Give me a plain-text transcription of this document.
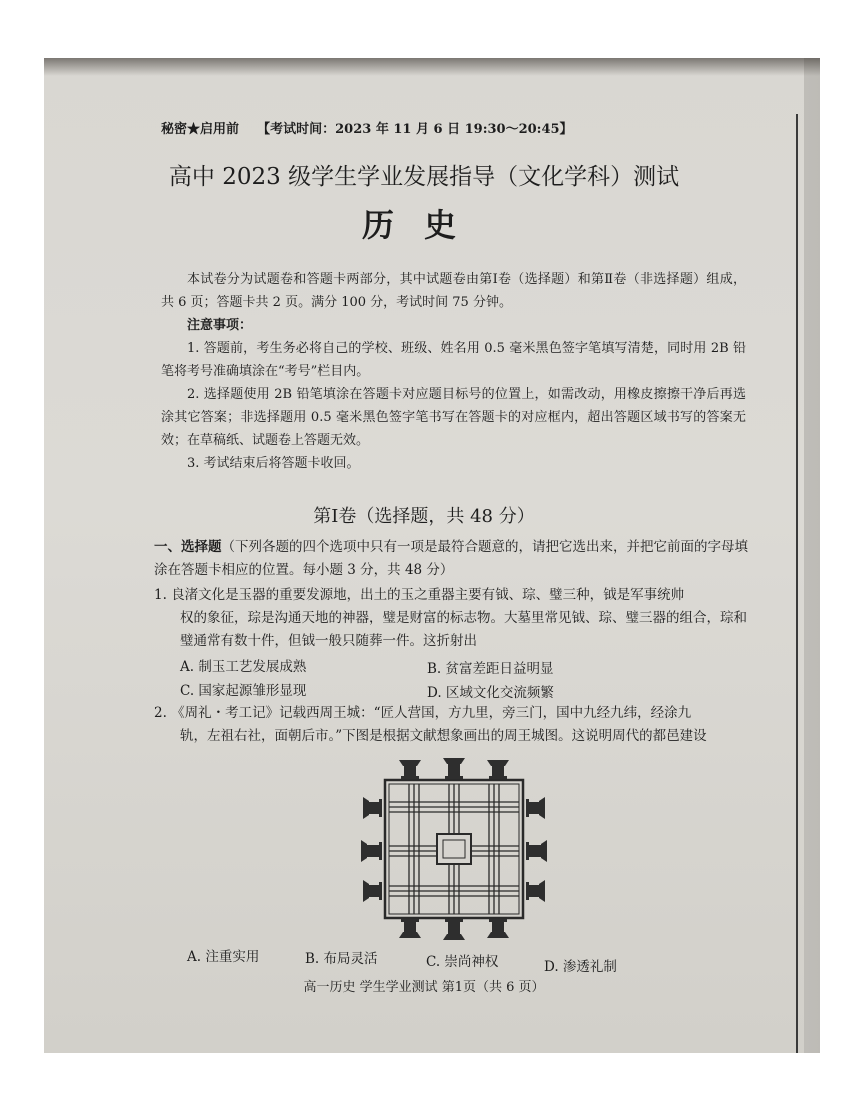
秘密★启用前 【考试时间：2023 年 11 月 6 日 19:30～20:45】
高中 2023 级学生学业发展指导（文化学科）测试
历史
本试卷分为试题卷和答题卡两部分，其中试题卷由第Ⅰ卷（选择题）和第Ⅱ卷（非选择题）组成，共 6 页；答题卡共 2 页。满分 100 分，考试时间 75 分钟。
注意事项：
1. 答题前，考生务必将自己的学校、班级、姓名用 0.5 毫米黑色签字笔填写清楚，同时用 2B 铅笔将考号准确填涂在“考号”栏目内。
2. 选择题使用 2B 铅笔填涂在答题卡对应题目标号的位置上，如需改动，用橡皮擦擦干净后再选涂其它答案；非选择题用 0.5 毫米黑色签字笔书写在答题卡的对应框内，超出答题区域书写的答案无效；在草稿纸、试题卷上答题无效。
3. 考试结束后将答题卡收回。
第Ⅰ卷（选择题，共 48 分）
一、选择题（下列各题的四个选项中只有一项是最符合题意的，请把它选出来，并把它前面的字母填涂在答题卡相应的位置。每小题 3 分，共 48 分）
1. 良渚文化是玉器的重要发源地，出土的玉之重器主要有钺、琮、璧三种，钺是军事统帅
权的象征，琮是沟通天地的神器，璧是财富的标志物。大墓里常见钺、琮、璧三器的组合，琮和璧通常有数十件，但钺一般只随葬一件。这折射出
A. 制玉工艺发展成熟	B. 贫富差距日益明显
C. 国家起源雏形显现	D. 区域文化交流频繁
2. 《周礼・考工记》记载西周王城：“匠人营国，方九里，旁三门，国中九经九纬，经涂九
轨，左祖右社，面朝后市。”下图是根据文献想象画出的周王城图。这说明周代的都邑建设
A. 注重实用	B. 布局灵活	C. 崇尚神权	D. 渗透礼制
高一历史 学生学业测试 第1页（共 6 页）
